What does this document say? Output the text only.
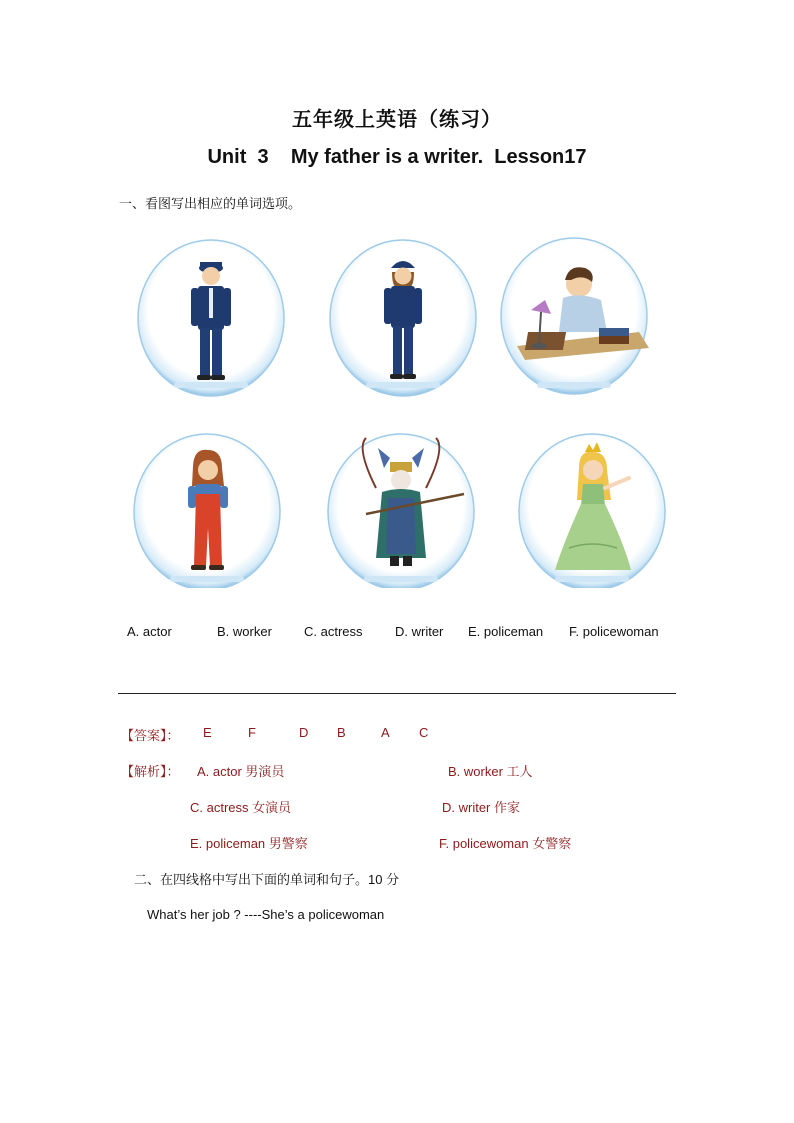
五年级上英语（练习）
Unit  3    My father is a writer.  Lesson17
一、看图写出相应的单词选项。
A. actor	B. worker C. actress D. writer E. policeman F. policewoman
【答案】： E	F	D B	A C
【解析】： A. actor 男演员	B. worker 工人
C. actress 女演员	D. writer 作家
E. policeman 男警察	F. policewoman 女警察
二、在四线格中写出下面的单词和句子。10 分
What’s her job ? ----She’s a policewoman
